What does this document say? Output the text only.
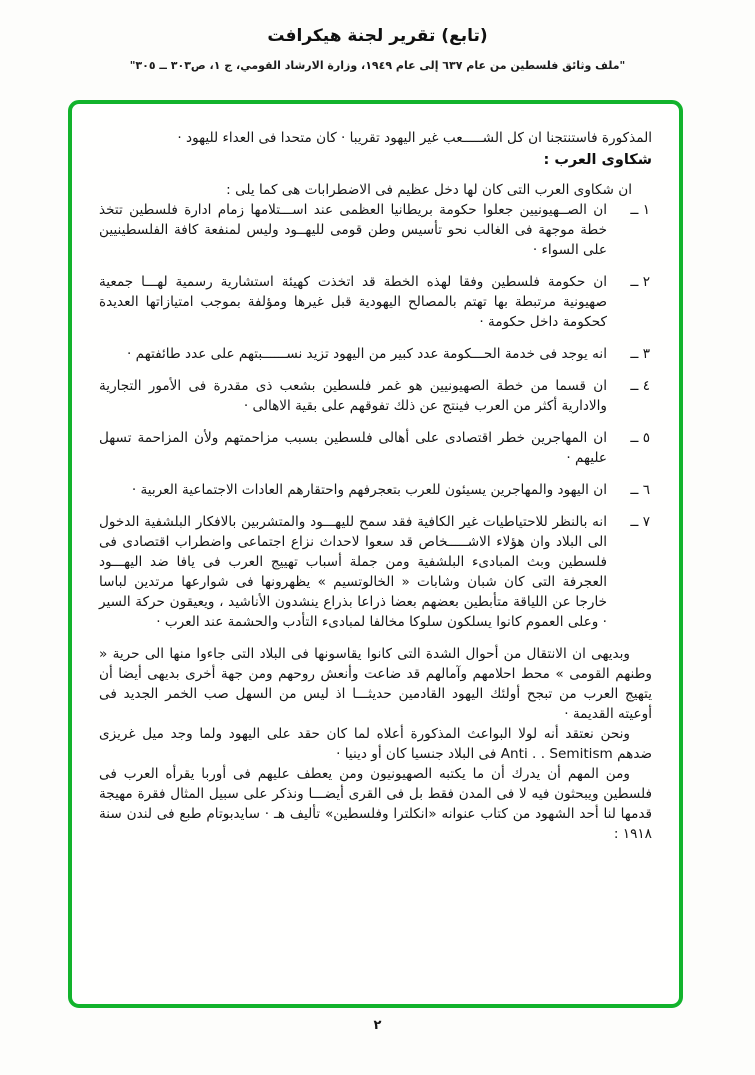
(تابع) تقرير لجنة هيكرافت
"ملف وثائق فلسطين من عام ٦٣٧ إلى عام ١٩٤٩، وزارة الارشاد القومي، ج ١، ص٣٠٣ ــ ٣٠٥"

المذكورة فاستنتجنا ان كل الشـــــعب غير اليهود تقريبا · كان متحدا فى العداء لليهود ·

شكاوى العرب :

ان شكاوى العرب التى كان لها دخل عظيم فى الاضطرابات هى كما يلى :

١ ــ

ان الصــهيونيين جعلوا حكومة بريطانيا العظمى عند اســـتلامها زمام ادارة فلسطين تتخذ خطة موجهة فى الغالب نحو تأسيس وطن قومى لليهــود وليس لمنفعة كافة الفلسطينيين على السواء ·

٢ ــ

ان حكومة فلسطين وفقا لهذه الخطة قد اتخذت كهيئة استشارية رسمية لهـــا جمعية صهيونية مرتبطة بها تهتم بالمصالح اليهودية قبل غيرها ومؤلفة بموجب امتيازاتها العديدة كحكومة داخل حكومة ·

٣ ــ

انه يوجد فى خدمة الحـــكومة عدد كبير من اليهود تزيد نســــــبتهم على عدد طائفتهم ·

٤ ــ

ان قسما من خطة الصهيونيين هو غمر فلسطين بشعب ذى مقدرة فى الأمور التجارية والادارية أكثر من العرب فينتج عن ذلك تفوقهم على بقية الاهالى ·

٥ ــ

ان المهاجرين خطر اقتصادى على أهالى فلسطين بسبب مزاحمتهم ولأن المزاحمة تسهل عليهم ·

٦ ــ

ان اليهود والمهاجرين يسيئون للعرب بتعجرفهم واحتقارهم العادات الاجتماعية العربية ·

٧ ــ

انه بالنظر للاحتياطيات غير الكافية فقد سمح لليهـــود والمتشربين بالافكار البلشفية الدخول الى البلاد وان هؤلاء الاشـــــخاص قد سعوا لاحداث نزاع اجتماعى واضطراب اقتصادى فى فلسطين وبث المبادىء البلشفية ومن جملة أسباب تهييج العرب فى يافا ضد اليهـــود العجرفة التى كان شبان وشابات « الخالوتسيم » يظهرونها فى شوارعها مرتدين لباسا خارجا عن اللياقة متأبطين بعضهم بعضا ذراعا بذراع ينشدون الأناشيد ، ويعيقون حركة السير · وعلى العموم كانوا يسلكون سلوكا مخالفا لمبادىء التأدب والحشمة عند العرب ·

وبديهى ان الانتقال من أحوال الشدة التى كانوا يقاسونها فى البلاد التى جاءوا منها الى حرية « وطنهم القومى » محط احلامهم وآمالهم قد ضاعت وأنعش روحهم ومن جهة أخرى بديهى أيضا أن يتهيج العرب من تبجح أولئك اليهود القادمين حديثـــا اذ ليس من السهل صب الخمر الجديد فى أوعيته القديمة ·

ونحن نعتقد أنه لولا البواعث المذكورة أعلاه لما كان حقد على اليهود ولما وجد ميل غريزى ضدهم Anti . . Semitism فى البلاد جنسيا كان أو دينيا ·

ومن المهم أن يدرك أن ما يكتبه الصهيونيون ومن يعطف عليهم فى أوربا يقرأه العرب فى فلسطين ويبحثون فيه لا فى المدن فقط بل فى القرى أيضـــا ونذكر على سبيل المثال فقرة مهيجة قدمها لنا أحد الشهود من كتاب عنوانه «انكلترا وفلسطين» تأليف هـ · سايدبوتام طبع فى لندن سنة ١٩١٨ :

٢
